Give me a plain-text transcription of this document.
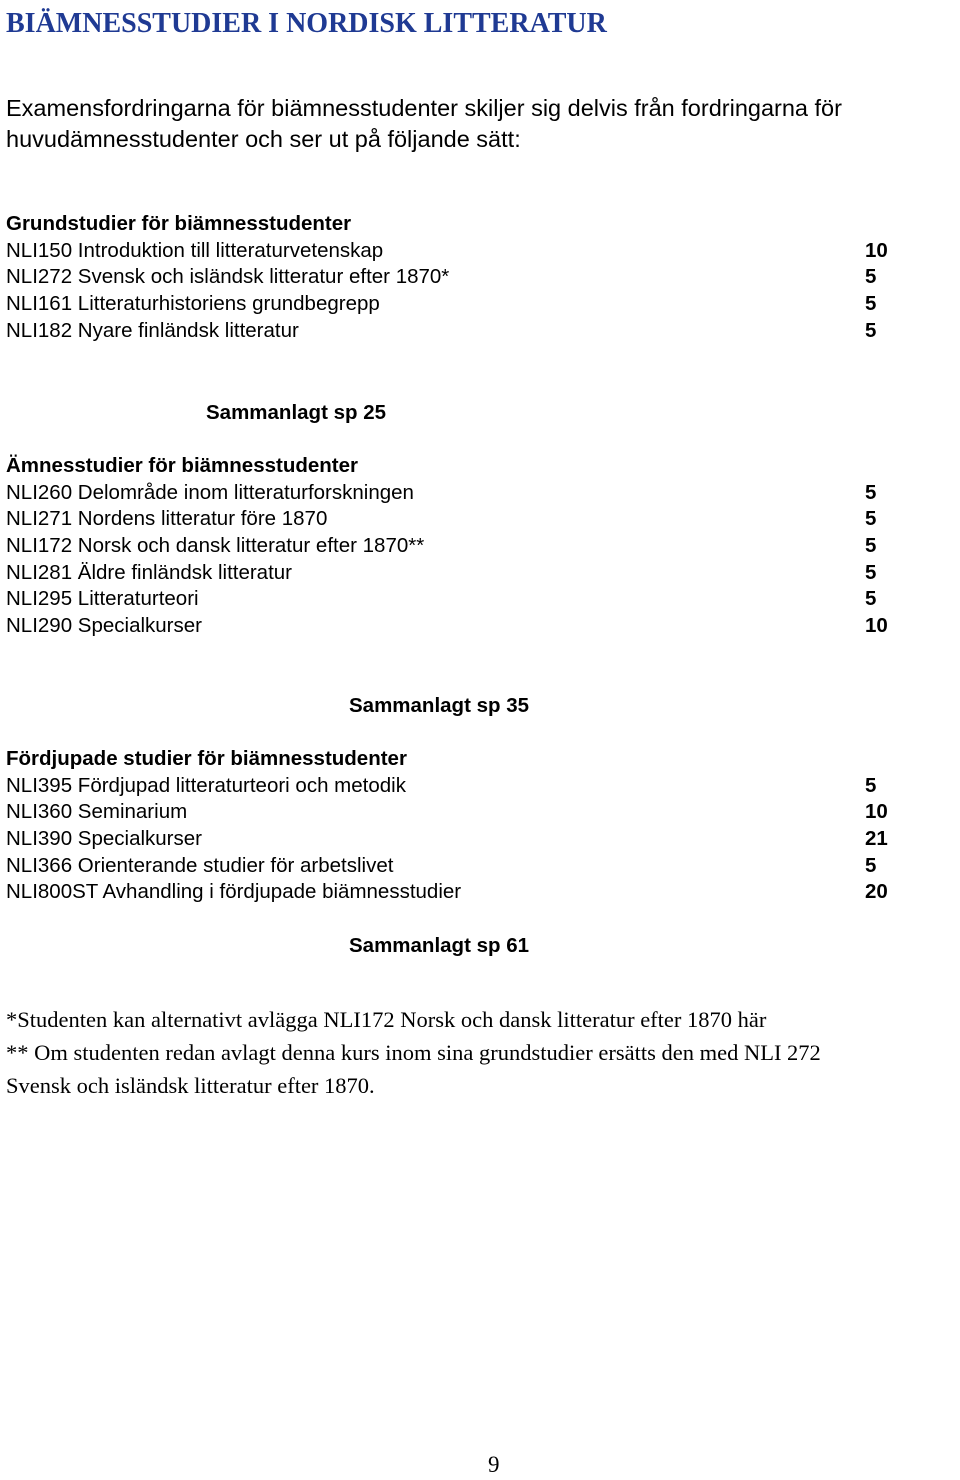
BIÄMNESSTUDIER I NORDISK LITTERATUR

Examensfordringarna för biämnesstudenter skiljer sig delvis från fordringarna för
huvudämnesstudenter och ser ut på följande sätt:

Grundstudier för biämnesstudenter
NLI150 Introduktion till litteraturvetenskap	10
NLI272 Svensk och isländsk litteratur efter 1870*	5
NLI161 Litteraturhistoriens grundbegrepp	5
NLI182 Nyare finländsk litteratur	5

Sammanlagt sp 25

Ämnesstudier för biämnesstudenter
NLI260 Delområde inom litteraturforskningen	5
NLI271 Nordens litteratur före 1870	5
NLI172 Norsk och dansk litteratur efter 1870**	5
NLI281 Äldre finländsk litteratur	5
NLI295 Litteraturteori	5
NLI290 Specialkurser	10

Sammanlagt sp 35

Fördjupade studier för biämnesstudenter
NLI395 Fördjupad litteraturteori och metodik	5
NLI360 Seminarium	10
NLI390 Specialkurser	21
NLI366 Orienterande studier för arbetslivet	5
NLI800ST Avhandling i fördjupade biämnesstudier	20

Sammanlagt sp 61

*Studenten kan alternativt avlägga NLI172 Norsk och dansk litteratur efter 1870 här
** Om studenten redan avlagt denna kurs inom sina grundstudier ersätts den med NLI 272
Svensk och isländsk litteratur efter 1870.

9
